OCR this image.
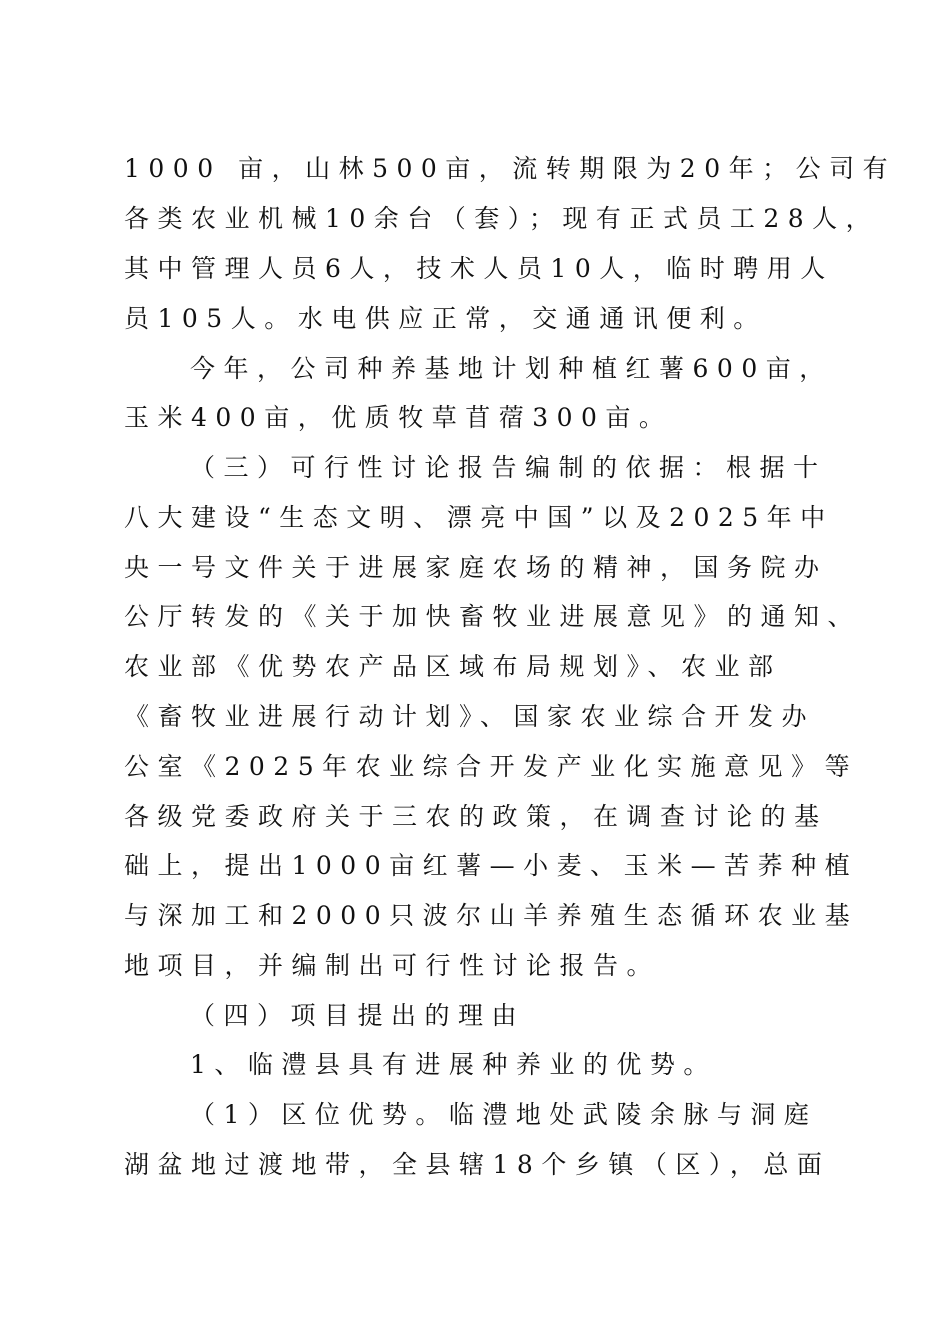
1000 亩，山林500亩，流转期限为20年；公司有
各类农业机械10余台（套）；现有正式员工28人，
其中管理人员6人，技术人员10人，临时聘用人
员105人。水电供应正常，交通通讯便利。
今年，公司种养基地计划种植红薯600亩，
玉米400亩，优质牧草苜蓿300亩。
（三）可行性讨论报告编制的依据：根据十
八大建设“生态文明、漂亮中国”以及2025年中
央一号文件关于进展家庭农场的精神，国务院办
公厅转发的《关于加快畜牧业进展意见》的通知、
农业部《优势农产品区域布局规划》、农业部
《畜牧业进展行动计划》、国家农业综合开发办
公室《2025年农业综合开发产业化实施意见》等
各级党委政府关于三农的政策，在调查讨论的基
础上，提出1000亩红薯—小麦、玉米—苦荞种植
与深加工和2000只波尔山羊养殖生态循环农业基
地项目，并编制出可行性讨论报告。
（四）项目提出的理由
1、临澧县具有进展种养业的优势。
（1）区位优势。临澧地处武陵余脉与洞庭
湖盆地过渡地带，全县辖18个乡镇（区），总面
